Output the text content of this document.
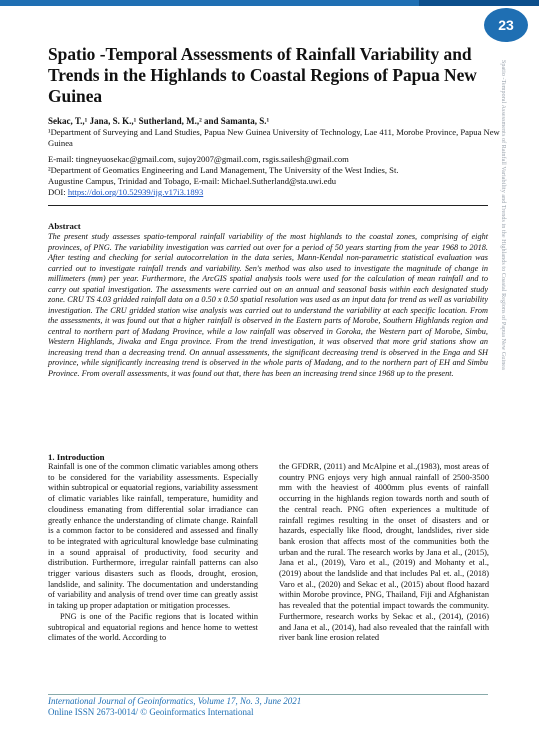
23
Spatio -Temporal Assessments of Rainfall Variability and Trends in the Highlands to Coastal Regions of Papua New Guinea
Spatio -Temporal Assessments of Rainfall Variability and Trends in the Highlands to Coastal Regions of Papua New Guinea
Sekac, T.,¹ Jana, S. K.,¹ Sutherland, M.,² and Samanta, S.¹
¹Department of Surveying and Land Studies, Papua New Guinea University of Technology, Lae 411, Morobe Province, Papua New Guinea
E-mail: tingneyuosekac@gmail.com, sujoy2007@gmail.com, rsgis.sailesh@gmail.com
²Department of Geomatics Engineering and Land Management, The University of the West Indies, St.
Augustine Campus, Trinidad and Tobago, E-mail: Michael.Sutherland@sta.uwi.edu
DOI: https://doi.org/10.52939/ijg.v17i3.1893
Abstract

The present study assesses spatio-temporal rainfall variability of the most highlands to the coastal zones, comprising of eight provinces, of PNG. The variability investigation was carried out over for a period of 50 years starting from the year 1968 to 2018. After testing and checking for serial autocorrelation in the data series, Mann-Kendal non-parametric statistical evaluation was carried out to investigate rainfall trends and variability. Sen's method was also used to investigate the magnitude of change in millimeters (mm) per year. Furthermore, the ArcGIS spatial analysis tools were used for the calculation of mean rainfall and to carry out spatial investigation. The assessments were carried out on an annual and seasonal basis within each designated study zone. CRU TS 4.03 gridded rainfall data on a 0.50 x 0.50 spatial resolution was used as an input data for trend as well as variability investigation. The CRU gridded station wise analysis was carried out to understand the variability at each specific location. From the assessments, it was found out that a higher rainfall is observed in the Eastern parts of Morobe, Southern Highlands region and central to northern part of Madang Province, while a low rainfall was observed in Goroka, the Western part of Morobe, Simbu, Western Highlands, Jiwaka and Enga province. From the trend investigation, it was observed that more grid stations show an increasing trend than a decreasing trend. On annual assessments, the significant decreasing trend is observed in the Enga and SH province, while significantly increasing trend is observed in the whole parts of Madang, and to the northern part of EH and Simbu Province. From overall assessments, it was found out that, there has been an increasing trend since 1968 up to the present.

1. Introduction

Rainfall is one of the common climatic variables among others to be considered for the variability assessments. Especially within subtropical or equatorial regions, variability assessment of climatic variables like rainfall, temperature, humidity and cloudiness emanating from differential solar irradiance can greatly enhance the understanding of climate change. Rainfall is a common factor to be considered and assessed and finally to be integrated with agricultural knowledge base culminating in a sound appraisal of productivity, food security and distribution. Furthermore, irregular rainfall patterns can also trigger various disasters such as floods, drought, erosion, landslide, and salinity. The documentation and understanding of variability and analysis of trend over time can greatly assist in taking up proper adaptation or mitigation processes.

PNG is one of the Pacific regions that is located within subtropical and equatorial regions and hence home to wettest climates of the world. According to

the GFDRR, (2011) and McAlpine et al.,(1983), most areas of country PNG enjoys very high annual rainfall of 2500-3500 mm with the heaviest of 4000mm plus events of rainfall occurring in the highlands region towards north and south of the central reach. PNG often experiences a multitude of rainfall regimes resulting in the onset of disasters and or hazards, especially like flood, drought, landslides, river side bank erosion that affects most of the communities both the urban and the rural. The research works by Jana et al., (2015), Jana et al., (2019), Varo et al., (2019) and Mohanty et al., (2019) about the landslide and that includes Pal et. al., (2018) Varo et al., (2020) and Sekac et al., (2015) about flood hazard within Morobe province, PNG, Thailand, Fiji and Afghanistan has revealed that the potential impact towards the community. Furthermore, research works by Sekac et al., (2014), (2016) and Jana et al., (2014), had also revealed that the rainfall with river bank line erosion related

International Journal of Geoinformatics, Volume 17, No. 3, June 2021
Online ISSN 2673-0014/ © Geoinformatics International
